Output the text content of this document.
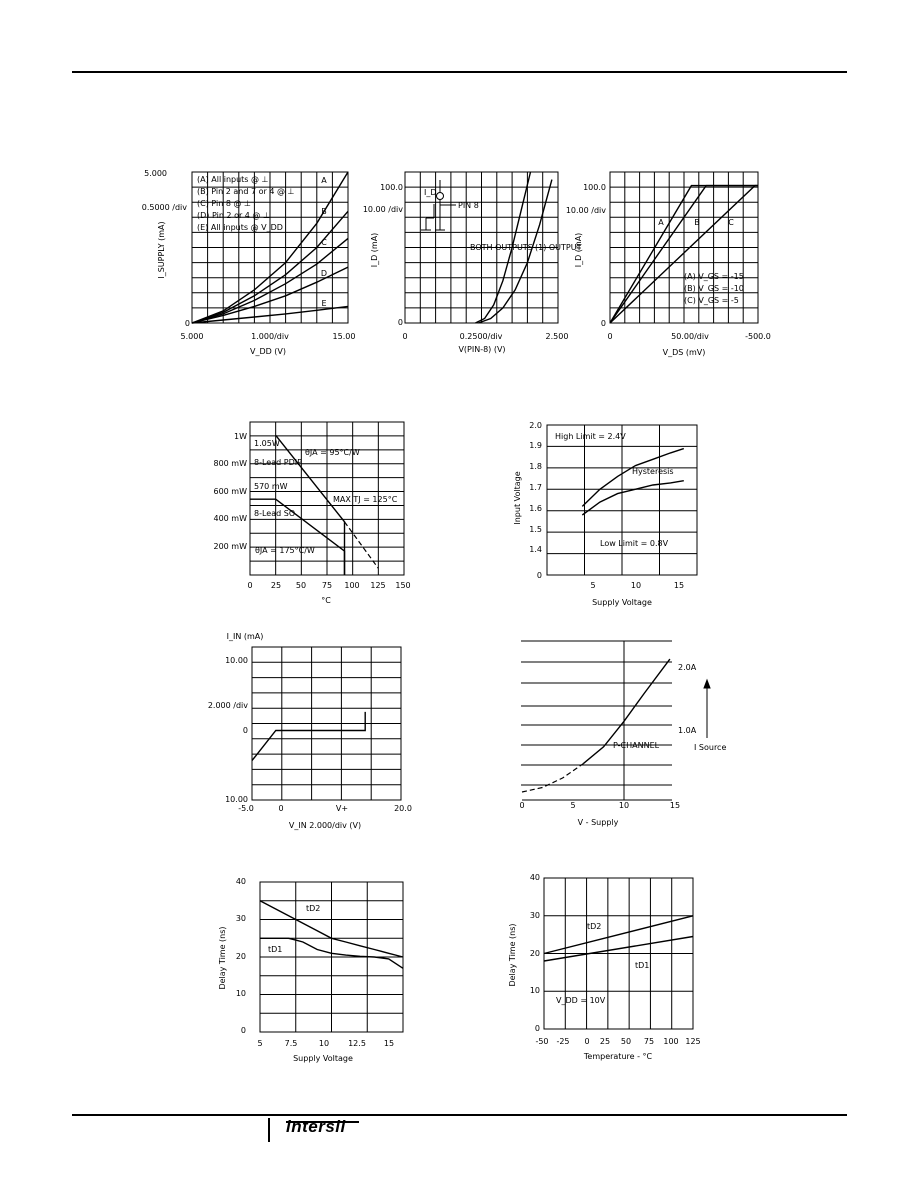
5.000
0.5000 /div
0
5.000	1.000/div	15.00
V_DD (V)
I_SUPPLY (mA)
(A) All inputs @ ⊥
(B) Pin 2 and 7 or 4 @ ⊥
(C) Pin 8 @ ⊥
(D) Pin 2 or 4 @ ⊥
(E) All inputs @ V_DD
A
B
C
D
E
100.0
10.00 /div
0
0	0.2500/div	2.500
V(PIN-8) (V)
I_D (mA)	BOTH OUTPUTS (1) OUTPUT
I_D
PIN 8
100.0
10.00 /div
0
0	50.00/div	-500.0
V_DS (mV)
I_D (mA)
(A) V_GS = -15
(B) V_GS = -10
(C) V_GS = -5
A	B	C
1W
800 mW
600 mW
400 mW
200 mW
0 25 50 75 100 125 150
°C
1.05W
8-Lead PDIP
θJA = 95°C/W
MAX TJ = 125°C
570 mW
8-Lead SO
θJA = 175°C/W
2.0
1.9
1.8
1.7
1.6
1.5
1.4
0
5	10	15
Supply Voltage
Input Voltage
High Limit = 2.4V
Hysteresis
Low Limit = 0.8V
I_IN (mA)
10.00
2.000 /div
0
10.00
-5.0	0	V+	20.0
V_IN 2.000/div (V)
0	5	10	15
V - Supply
2.0A
1.0A
P-CHANNEL	I Source
40
30
20
10
0
5	7.5	10 12.5 15
Supply Voltage
Delay Time (ns)
tD2
tD1
40
30
20
10
0
-50 -25 0 25 50 75 100 125
Temperature - °C
Delay Time (ns)	tD2
tD1
V_DD = 10V
intersil
